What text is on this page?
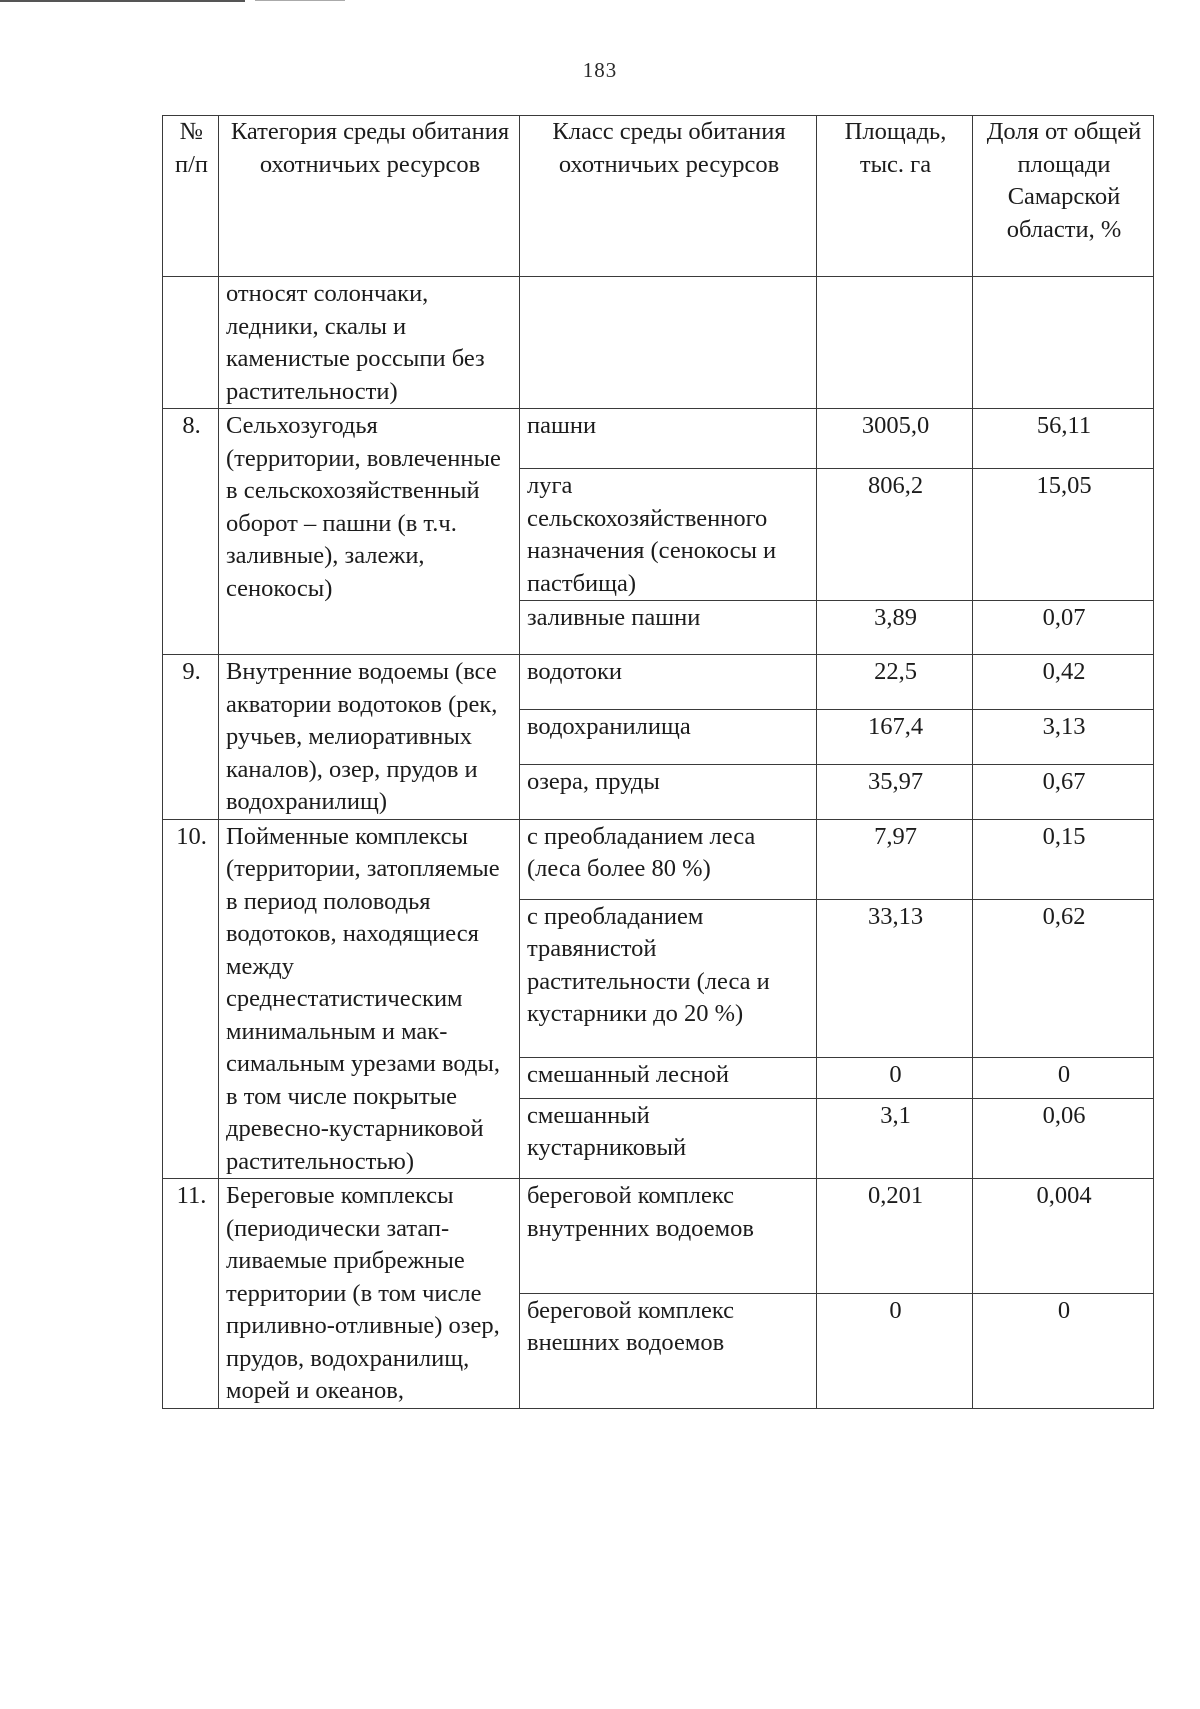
183
№ п/п	Категория среды обитания охотничьих ресурсов	Класс среды обитания охотничьих ресурсов	Площадь, тыс. га	Доля от общей площади Самарской области, %
	относят солончаки, ледники, скалы и каменистые россыпи без растительности)			
8.	Сельхозугодья (территории, вовлеченные в сельскохозяйственный оборот – пашни (в т.ч. заливные), залежи, сенокосы)	пашни	3005,0	56,11
		луга сельскохозяйственного назначения (сенокосы и пастбища)	806,2	15,05
		заливные пашни	3,89	0,07
9.	Внутренние водоемы (все акватории водотоков (рек, ручьев, мелиоративных каналов), озер, прудов и водохранилищ)	водотоки	22,5	0,42
		водохранилища	167,4	3,13
		озера, пруды	35,97	0,67
10.	Пойменные комплексы (территории, затопляемые в период половодья водотоков, находящиеся между среднестатистическим минимальным и мак-симальным урезами воды, в том числе покрытые древесно-кустарниковой растительностью)	с преобладанием леса (леса более 80 %)	7,97	0,15
		с преобладанием травянистой растительности (леса и кустарники до 20 %)	33,13	0,62
		смешанный лесной	0	0
		смешанный кустарниковый	3,1	0,06
11.	Береговые комплексы (периодически затап-ливаемые прибрежные территории (в том числе приливно-отливные) озер, прудов, водохранилищ, морей и океанов,	береговой комплекс внутренних водоемов	0,201	0,004
		береговой комплекс внешних водоемов	0	0
